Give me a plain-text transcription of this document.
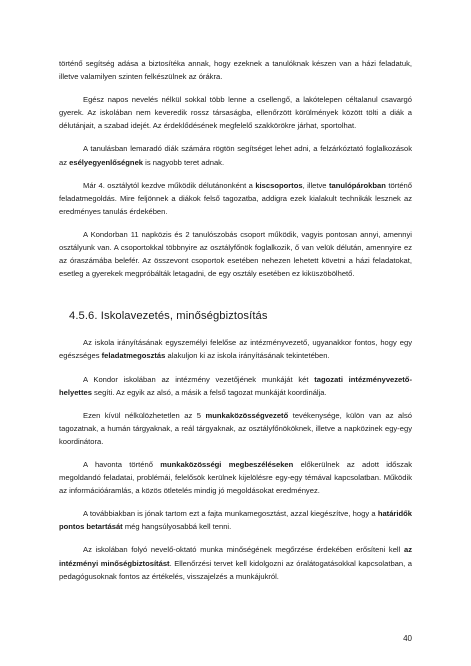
történő segítség adása a biztosítéka annak, hogy ezeknek a tanulóknak készen van a házi feladatuk, illetve valamilyen szinten felkészülnek az órákra.

Egész napos nevelés nélkül sokkal több lenne a csellengő, a lakótelepen céltalanul csavargó gyerek. Az iskolában nem keveredik rossz társaságba, ellenőrzött körülmények között tölti a diák a délutánjait, a szabad idejét. Az érdeklődésének megfelelő szakkörökre járhat, sportolhat.

A tanulásban lemaradó diák számára rögtön segítséget lehet adni, a felzárkóztató foglalkozások az esélyegyenlőségnek is nagyobb teret adnak.

Már 4. osztálytól kezdve működik délutánonként a kiscsoportos, illetve tanulópárokban történő feladatmegoldás. Mire feljönnek a diákok felső tagozatba, addigra ezek kialakult technikák lesznek az eredményes tanulás érdekében.

A Kondorban 11 napközis és 2 tanulószobás csoport működik, vagyis pontosan annyi, amennyi osztályunk van. A csoportokkal többnyire az osztályfőnök foglalkozik, ő van velük délután, amennyire ez az óraszámába belefér. Az összevont csoportok esetében nehezen lehetett követni a házi feladatokat, esetleg a gyerekek megpróbálták letagadni, de egy osztály esetében ez kiküszöbölhető.

4.5.6. Iskolavezetés, minőségbiztosítás

Az iskola irányításának egyszemélyi felelőse az intézményvezető, ugyanakkor fontos, hogy egy egészséges feladatmegosztás alakuljon ki az iskola irányításának tekintetében.

A Kondor iskolában az intézmény vezetőjének munkáját két tagozati intézményvezető-helyettes segíti. Az egyik az alsó, a másik a felső tagozat munkáját koordinálja.

Ezen kívül nélkülözhetetlen az 5 munkaközösségvezető tevékenysége, külön van az alsó tagozatnak, a humán tárgyaknak, a reál tárgyaknak, az osztályfőnököknek, illetve a napközinek egy-egy koordinátora.

A havonta történő munkaközösségi megbeszéléseken előkerülnek az adott időszak megoldandó feladatai, problémái, felelősök kerülnek kijelölésre egy-egy témával kapcsolatban. Működik az információáramlás, a közös ötletelés mindig jó megoldásokat eredményez.

A továbbiakban is jónak tartom ezt a fajta munkamegosztást, azzal kiegészítve, hogy a határidők pontos betartását még hangsúlyosabbá kell tenni.

Az iskolában folyó nevelő-oktató munka minőségének megőrzése érdekében erősíteni kell az intézményi minőségbiztosítást. Ellenőrzési tervet kell kidolgozni az óralátogatásokkal kapcsolatban, a pedagógusoknak fontos az értékelés, visszajelzés a munkájukról.

40
